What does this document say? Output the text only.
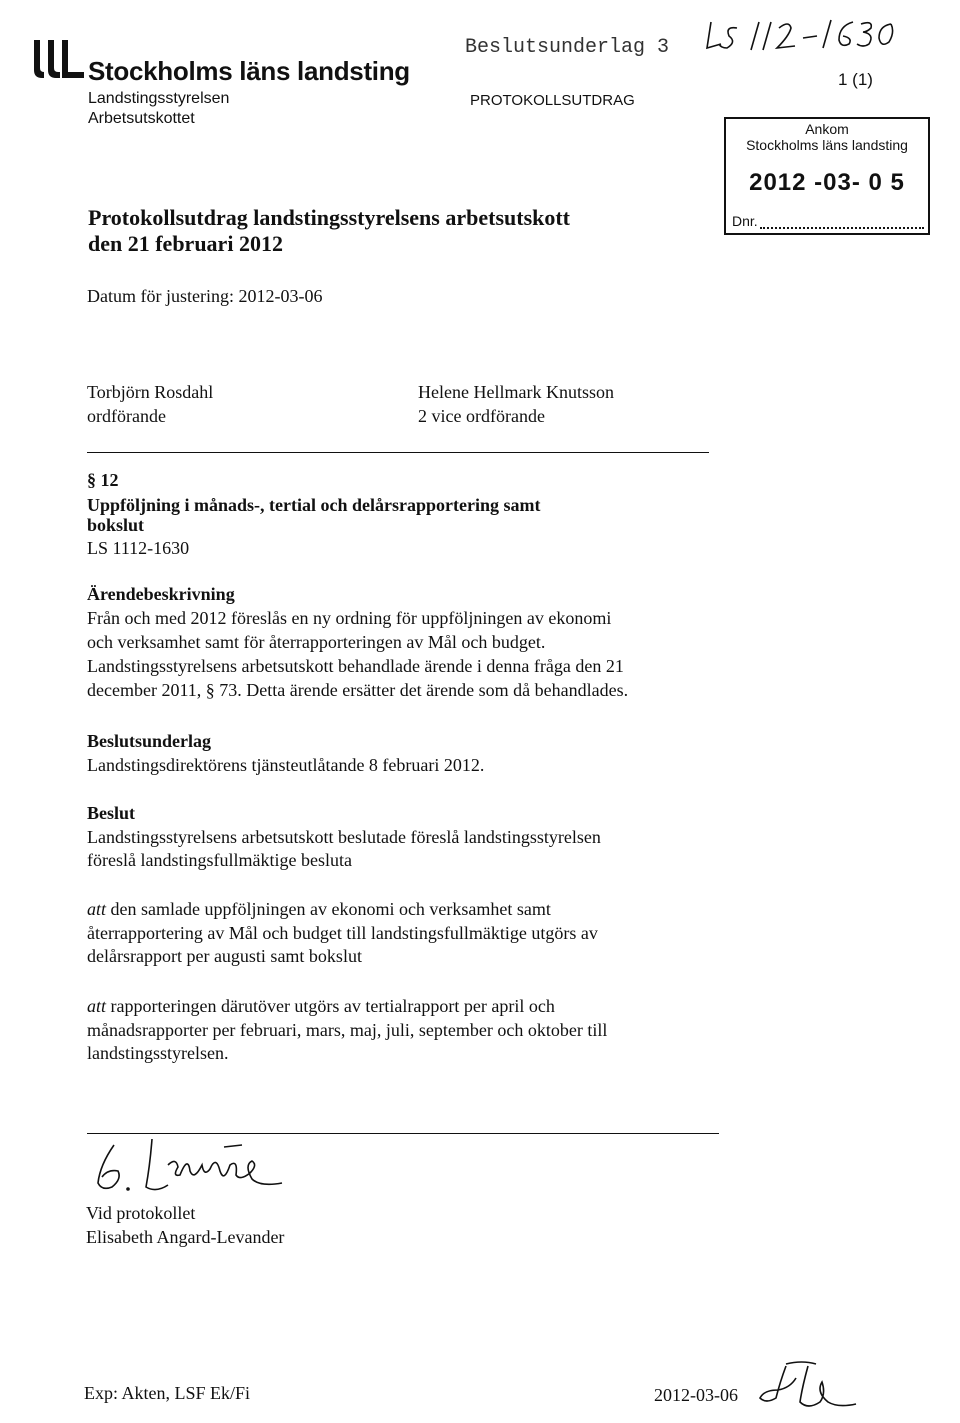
Stockholms läns landsting
Landstingsstyrelsen
Arbetsutskottet
Beslutsunderlag 3
PROTOKOLLSUTDRAG
1 (1)
Ankom
Stockholms läns landsting
2012 -03- 0 5
Dnr.
Protokollsutdrag landstingsstyrelsens arbetsutskott
den 21 februari 2012
Datum för justering: 2012-03-06
Torbjörn Rosdahl
ordförande
Helene Hellmark Knutsson
2 vice ordförande
§ 12
Uppföljning i månads-, tertial och delårsrapportering samt
bokslut
LS 1112-1630
Ärendebeskrivning
Från och med 2012 föreslås en ny ordning för uppföljningen av ekonomi
och verksamhet samt för återrapporteringen av Mål och budget.
Landstingsstyrelsens arbetsutskott behandlade ärende i denna fråga den 21
december 2011, § 73. Detta ärende ersätter det ärende som då behandlades.
Beslutsunderlag
Landstingsdirektörens tjänsteutlåtande 8 februari 2012.
Beslut
Landstingsstyrelsens arbetsutskott beslutade föreslå landstingsstyrelsen
föreslå landstingsfullmäktige besluta
att den samlade uppföljningen av ekonomi och verksamhet samt
återrapportering av Mål och budget till landstingsfullmäktige utgörs av
delårsrapport per augusti samt bokslut
att rapporteringen därutöver utgörs av tertialrapport per april och
månadsrapporter per februari, mars, maj, juli, september och oktober till
landstingsstyrelsen.
Vid protokollet
Elisabeth Angard-Levander
Exp: Akten, LSF Ek/Fi	2012-03-06
